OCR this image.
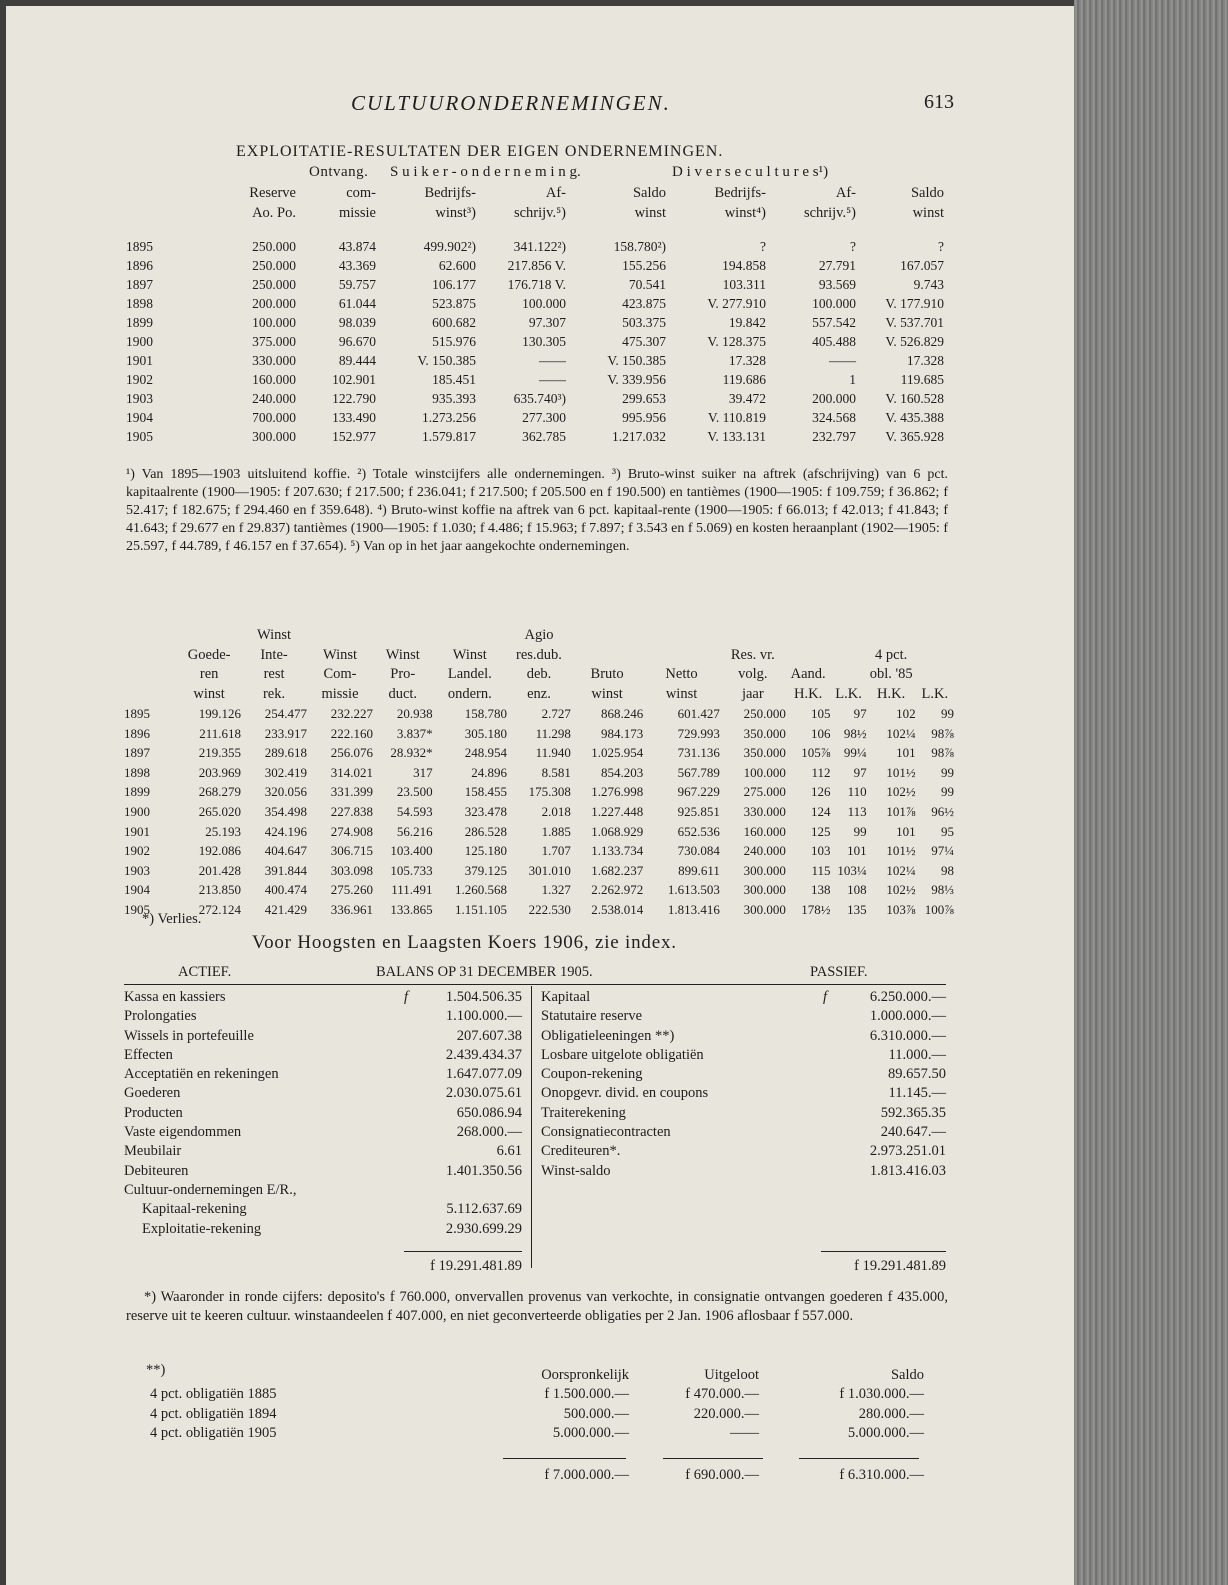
CULTUURONDERNEMINGEN.	613
EXPLOITATIE-RESULTATEN DER EIGEN ONDERNEMINGEN.
Ontvang. S u i k e r - o n d e r n e m i n g.	D i v e r s e c u l t u r e s¹)
	Reserve	com-	Bedrijfs-	Af-	Saldo	Bedrijfs-	Af-	Saldo
	Ao. Po.	missie	winst³)	schrijv.⁵)	winst	winst⁴)	schrijv.⁵)	winst

1895	250.000	43.874	499.902²)	341.122²)	158.780²)	?	?	?
1896	250.000	43.369	62.600	217.856 V.	155.256	194.858	27.791	167.057
1897	250.000	59.757	106.177	176.718 V.	70.541	103.311	93.569	9.743
1898	200.000	61.044	523.875	100.000	423.875	V. 277.910	100.000	V. 177.910
1899	100.000	98.039	600.682	97.307	503.375	19.842	557.542	V. 537.701
1900	375.000	96.670	515.976	130.305	475.307	V. 128.375	405.488	V. 526.829
1901	330.000	89.444	V. 150.385	——	V. 150.385	17.328	——	17.328
1902	160.000	102.901	185.451	——	V. 339.956	119.686	1	119.685
1903	240.000	122.790	935.393	635.740³)	299.653	39.472	200.000	V. 160.528
1904	700.000	133.490	1.273.256	277.300	995.956	V. 110.819	324.568	V. 435.388
1905	300.000	152.977	1.579.817	362.785	1.217.032	V. 133.131	232.797	V. 365.928
¹) Van 1895—1903 uitsluitend koffie. ²) Totale winstcijfers alle ondernemingen. ³) Bruto-winst suiker na aftrek (afschrijving) van 6 pct. kapitaalrente (1900—1905: f 207.630; f 217.500; f 236.041; f 217.500; f 205.500 en f 190.500) en tantièmes (1900—1905: f 109.759; f 36.862; f 52.417; f 182.675; f 294.460 en f 359.648). ⁴) Bruto-winst koffie na aftrek van 6 pct. kapitaal-rente (1900—1905: f 66.013; f 42.013; f 41.843; f 41.643; f 29.677 en f 29.837) tantièmes (1900—1905: f 1.030; f 4.486; f 15.963; f 7.897; f 3.543 en f 5.069) en kosten heraanplant (1902—1905: f 25.597, f 44.789, f 46.157 en f 37.654). ⁵) Van op in het jaar aangekochte ondernemingen.
		Winst				Agio							
	Goede-	Inte-	Winst	Winst	Winst	res.dub.			Res. vr.			4 pct.	
	ren	rest	Com-	Pro-	Landel.	deb.	Bruto	Netto	volg.	Aand.		obl. '85	
	winst	rek.	missie	duct.	ondern.	enz.	winst	winst	jaar	H.K.	L.K.	H.K.	L.K.
1895	199.126	254.477	232.227	20.938	158.780	2.727	868.246	601.427	250.000	105	97	102	99
1896	211.618	233.917	222.160	3.837*	305.180	11.298	984.173	729.993	350.000	106	98½	102¼	98⅞
1897	219.355	289.618	256.076	28.932*	248.954	11.940	1.025.954	731.136	350.000	105⅞	99¼	101	98⅞
1898	203.969	302.419	314.021	317	24.896	8.581	854.203	567.789	100.000	112	97	101½	99
1899	268.279	320.056	331.399	23.500	158.455	175.308	1.276.998	967.229	275.000	126	110	102½	99
1900	265.020	354.498	227.838	54.593	323.478	2.018	1.227.448	925.851	330.000	124	113	101⅞	96½
1901	25.193	424.196	274.908	56.216	286.528	1.885	1.068.929	652.536	160.000	125	99	101	95
1902	192.086	404.647	306.715	103.400	125.180	1.707	1.133.734	730.084	240.000	103	101	101½	97¼
1903	201.428	391.844	303.098	105.733	379.125	301.010	1.682.237	899.611	300.000	115	103¼	102¼	98
1904	213.850	400.474	275.260	111.491	1.260.568	1.327	2.262.972	1.613.503	300.000	138	108	102½	98⅓
1905	272.124	421.429	336.961	133.865	1.151.105	222.530	2.538.014	1.813.416	300.000	178½	135	103⅞	100⅞
*) Verlies.
Voor Hoogsten en Laagsten Koers 1906, zie index.
ACTIEF.	BALANS OP 31 DECEMBER 1905.	PASSIEF.
Kassa en kassiers	f	1.504.506.35
Prolongaties		1.100.000.—
Wissels in portefeuille		207.607.38
Effecten		2.439.434.37
Acceptatiën en rekeningen		1.647.077.09
Goederen		2.030.075.61
Producten		650.086.94
Vaste eigendommen		268.000.—
Meubilair		6.61
Debiteuren		1.401.350.56
Cultuur-ondernemingen E/R.,		
Kapitaal-rekening		5.112.637.69
Exploitatie-rekening		2.930.699.29
Kapitaal	f	6.250.000.—
Statutaire reserve		1.000.000.—
Obligatieleeningen **)		6.310.000.—
Losbare uitgelote obligatiën		11.000.—
Coupon-rekening		89.657.50
Onopgevr. divid. en coupons		11.145.—
Traiterekening		592.365.35
Consignatiecontracten		240.647.—
Crediteuren*.		2.973.251.01
Winst-saldo		1.813.416.03
f 19.291.481.89	f 19.291.481.89
*) Waaronder in ronde cijfers: deposito's f 760.000, onvervallen provenus van verkochte, in consignatie ontvangen goederen f 435.000, reserve uit te keeren cultuur. winstaandeelen f 407.000, en niet geconverteerde obligaties per 2 Jan. 1906 aflosbaar f 557.000.
**)
		Oorspronkelijk	Uitgeloot	Saldo
4 pct. obligatiën 1885	f 1.500.000.—	f 470.000.—	f 1.030.000.—
4 pct. obligatiën 1894	500.000.—	220.000.—	280.000.—
4 pct. obligatiën 1905	5.000.000.—	——	5.000.000.—
	f 7.000.000.—	f 690.000.—	f 6.310.000.—
